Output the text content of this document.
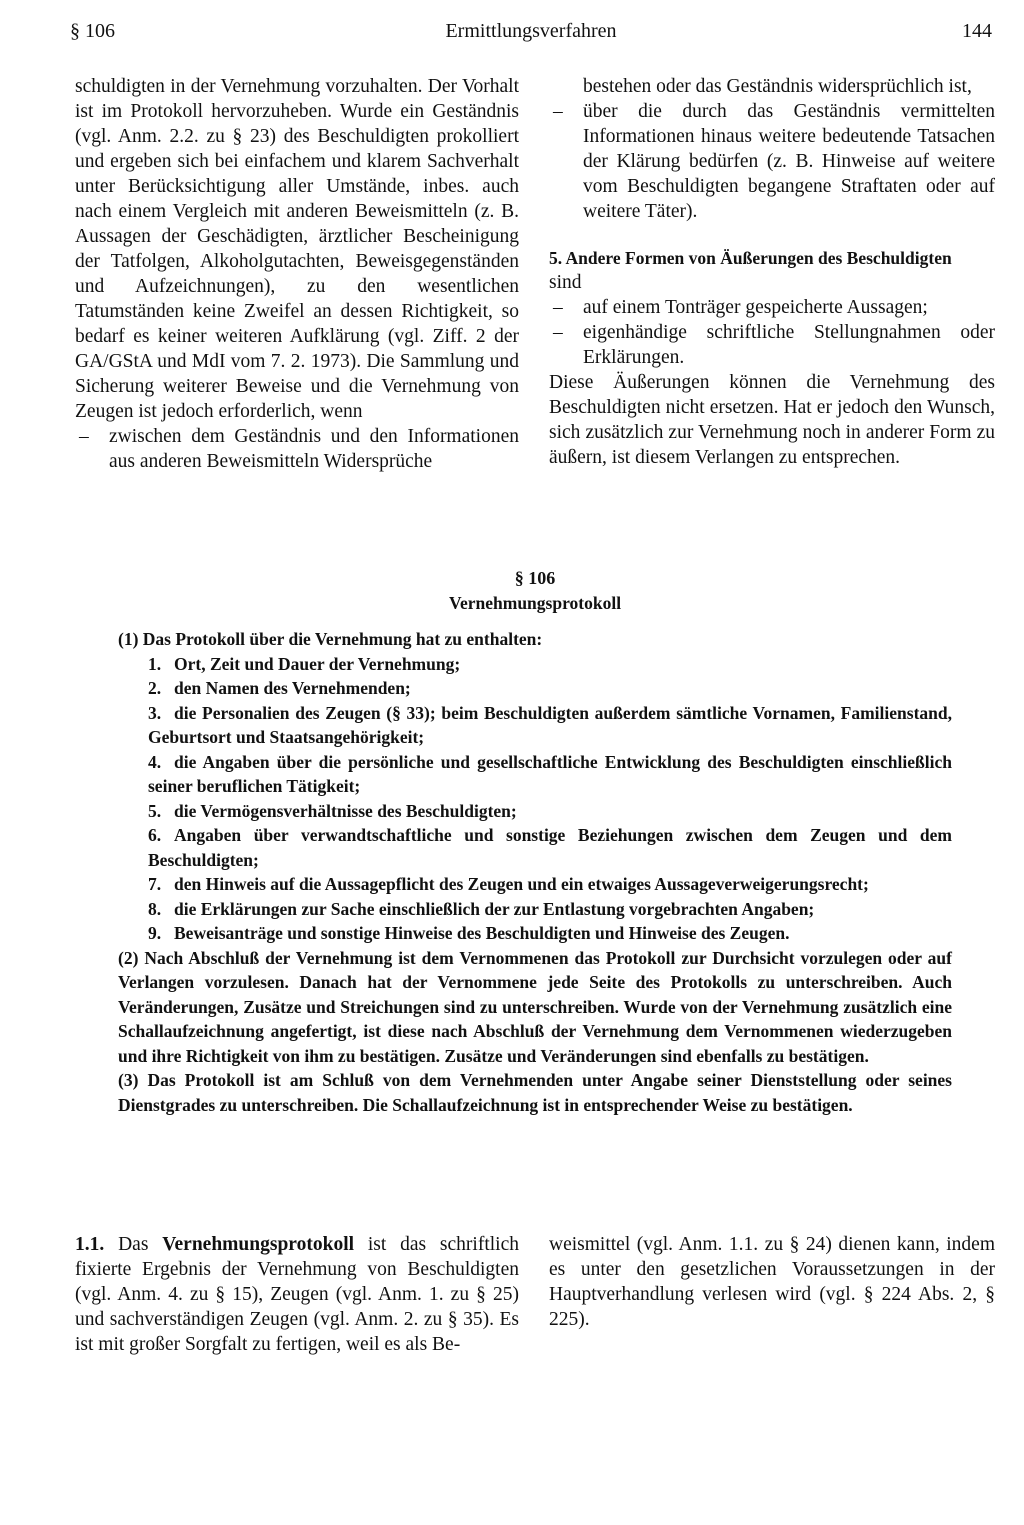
§ 106	Ermittlungsverfahren	144

schuldigten in der Vernehmung vorzuhalten. Der Vorhalt ist im Protokoll hervorzuheben. Wurde ein Geständnis (vgl. Anm. 2.2. zu § 23) des Beschuldigten prokolliert und ergeben sich bei einfachem und klarem Sachverhalt unter Berücksichtigung aller Umstände, inbes. auch nach einem Vergleich mit anderen Beweismitteln (z. B. Aussagen der Geschädigten, ärztlicher Bescheinigung der Tatfolgen, Alkoholgutachten, Beweisgegenständen und Aufzeichnungen), zu den wesentlichen Tatumständen keine Zweifel an dessen Richtigkeit, so bedarf es keiner weiteren Aufklärung (vgl. Ziff. 2 der GA/GStA und MdI vom 7. 2. 1973). Die Sammlung und Sicherung weiterer Beweise und die Vernehmung von Zeugen ist jedoch erforderlich, wenn

– zwischen dem Geständnis und den Informationen aus anderen Beweismitteln Widersprüche

bestehen oder das Geständnis widersprüchlich ist,

– über die durch das Geständnis vermittelten Informationen hinaus weitere bedeutende Tatsachen der Klärung bedürfen (z. B. Hinweise auf weitere vom Beschuldigten begangene Straftaten oder auf weitere Täter).
5. Andere Formen von Äußerungen des Beschuldigten

sind

– auf einem Tonträger gespeicherte Aussagen;
– eigenhändige schriftliche Stellungnahmen oder Erklärungen.

Diese Äußerungen können die Vernehmung des Beschuldigten nicht ersetzen. Hat er jedoch den Wunsch, sich zusätzlich zur Vernehmung noch in anderer Form zu äußern, ist diesem Verlangen zu entsprechen.

§ 106

Vernehmungsprotokoll

(1) Das Protokoll über die Vernehmung hat zu enthalten:

1. Ort, Zeit und Dauer der Vernehmung;

2. den Namen des Vernehmenden;

3. die Personalien des Zeugen (§ 33); beim Beschuldigten außerdem sämtliche Vornamen, Familienstand, Geburtsort und Staatsangehörigkeit;

4. die Angaben über die persönliche und gesellschaftliche Entwicklung des Beschuldigten einschließlich seiner beruflichen Tätigkeit;

5. die Vermögensverhältnisse des Beschuldigten;

6. Angaben über verwandtschaftliche und sonstige Beziehungen zwischen dem Zeugen und dem Beschuldigten;

7. den Hinweis auf die Aussagepflicht des Zeugen und ein etwaiges Aussageverweigerungsrecht;

8. die Erklärungen zur Sache einschließlich der zur Entlastung vorgebrachten Angaben;

9. Beweisanträge und sonstige Hinweise des Beschuldigten und Hinweise des Zeugen.

(2) Nach Abschluß der Vernehmung ist dem Vernommenen das Protokoll zur Durchsicht vorzulegen oder auf Verlangen vorzulesen. Danach hat der Vernommene jede Seite des Protokolls zu unterschreiben. Auch Veränderungen, Zusätze und Streichungen sind zu unterschreiben. Wurde von der Vernehmung zusätzlich eine Schallaufzeichnung angefertigt, ist diese nach Abschluß der Vernehmung dem Vernommenen wiederzugeben und ihre Richtigkeit von ihm zu bestätigen. Zusätze und Veränderungen sind ebenfalls zu bestätigen.

(3) Das Protokoll ist am Schluß von dem Vernehmenden unter Angabe seiner Dienststellung oder seines Dienstgrades zu unterschreiben. Die Schallaufzeichnung ist in entsprechender Weise zu bestätigen.

1.1. Das Vernehmungsprotokoll ist das schriftlich fixierte Ergebnis der Vernehmung von Beschuldigten (vgl. Anm. 4. zu § 15), Zeugen (vgl. Anm. 1. zu § 25) und sachverständigen Zeugen (vgl. Anm. 2. zu § 35). Es ist mit großer Sorgfalt zu fertigen, weil es als Be-

weismittel (vgl. Anm. 1.1. zu § 24) dienen kann, indem es unter den gesetzlichen Voraussetzungen in der Hauptverhandlung verlesen wird (vgl. § 224 Abs. 2, § 225).
